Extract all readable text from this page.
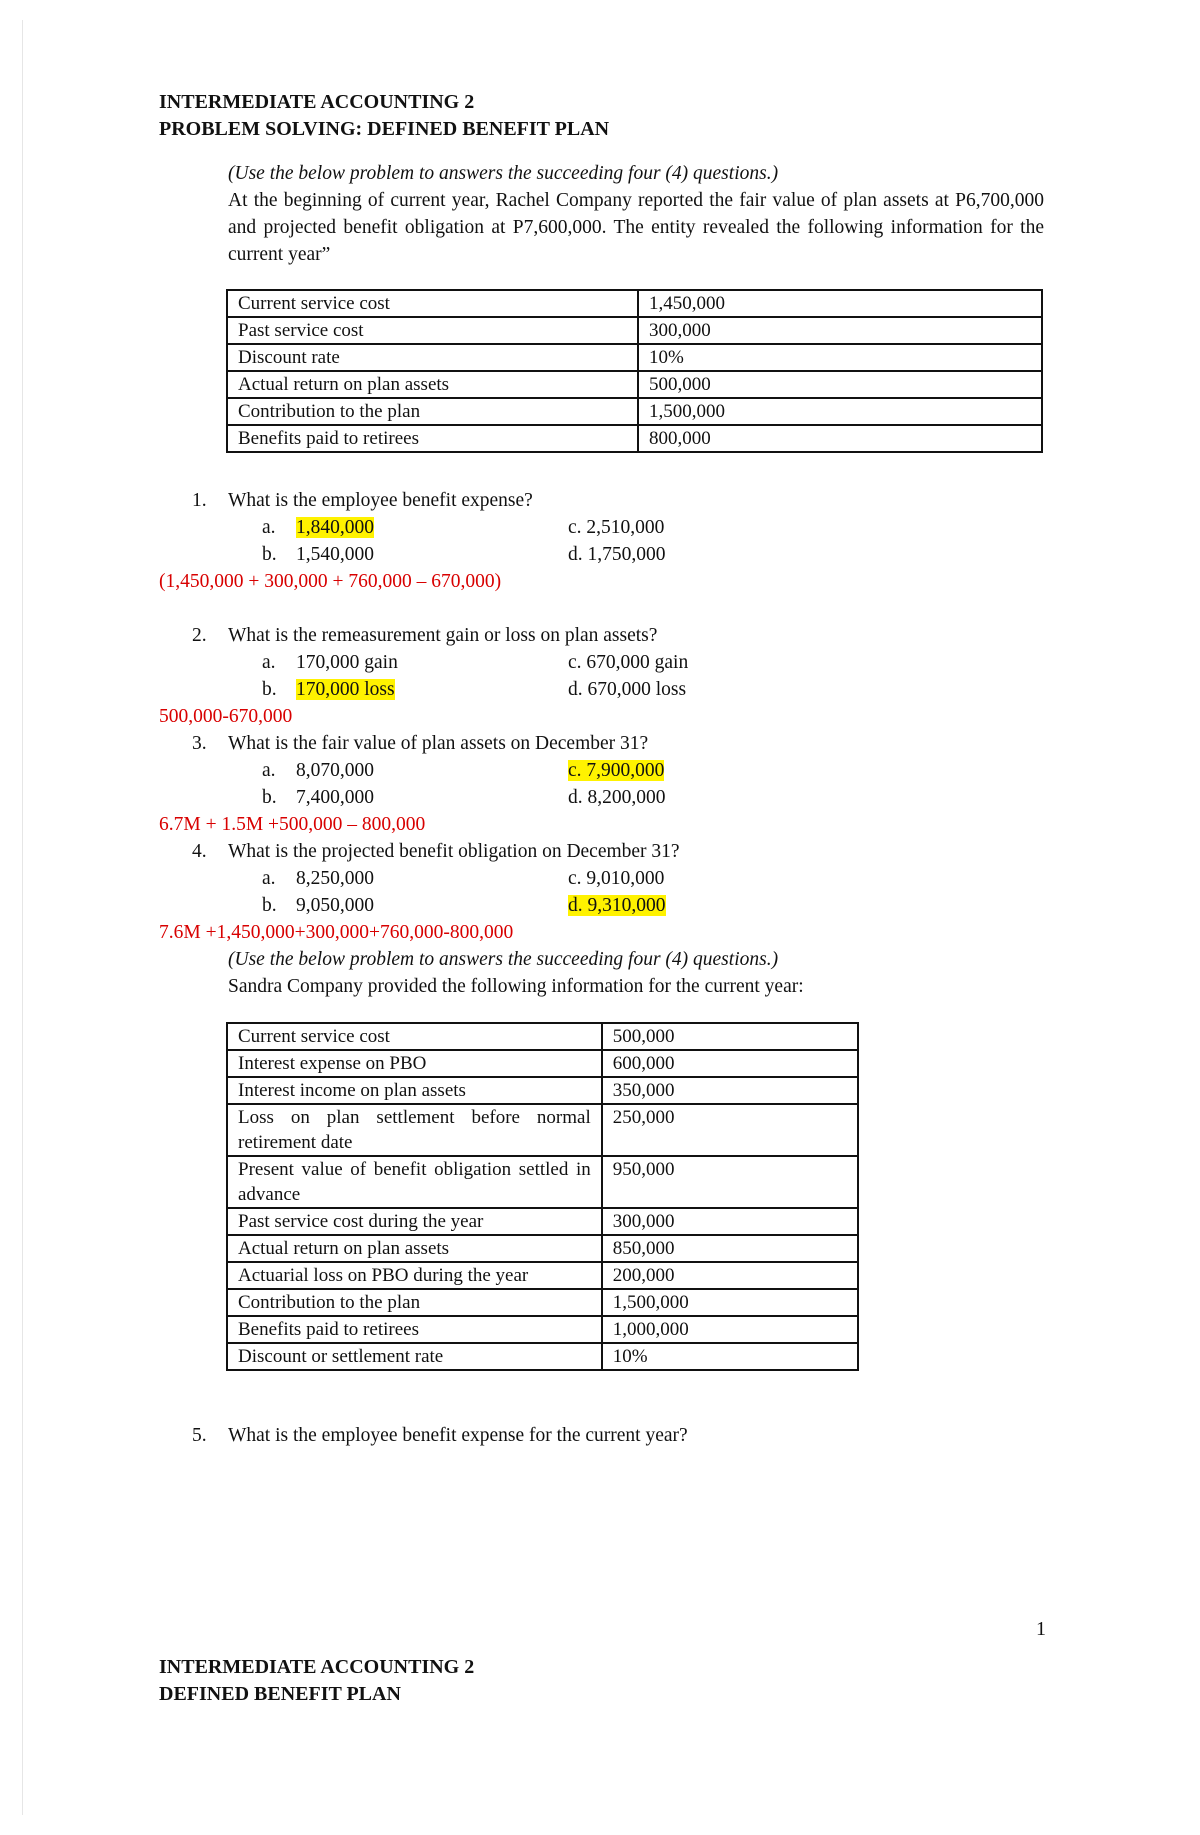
INTERMEDIATE ACCOUNTING 2
PROBLEM SOLVING: DEFINED BENEFIT PLAN
(Use the below problem to answers the succeeding four (4) questions.)
At the beginning of current year, Rachel Company reported the fair value of plan assets at P6,700,000 and projected benefit obligation at P7,600,000. The entity revealed the following information for the current year”
Current service cost	1,450,000
Past service cost	300,000
Discount rate	10%
Actual return on plan assets	500,000
Contribution to the plan	1,500,000
Benefits paid to retirees	800,000
1. What is the employee benefit expense?
a. 1,840,000	c. 2,510,000
b. 1,540,000	d. 1,750,000
(1,450,000 + 300,000 + 760,000 – 670,000)
2. What is the remeasurement gain or loss on plan assets?
a. 170,000 gain	c. 670,000 gain
b. 170,000 loss	d. 670,000 loss
500,000-670,000
3. What is the fair value of plan assets on December 31?
a. 8,070,000	c. 7,900,000
b. 7,400,000	d. 8,200,000
6.7M + 1.5M +500,000 – 800,000
4. What is the projected benefit obligation on December 31?
a. 8,250,000	c. 9,010,000
b. 9,050,000	d. 9,310,000
7.6M +1,450,000+300,000+760,000-800,000
(Use the below problem to answers the succeeding four (4) questions.)
Sandra Company provided the following information for the current year:
Current service cost	500,000
Interest expense on PBO	600,000
Interest income on plan assets	350,000
Loss on plan settlement before normal retirement date	250,000
Present value of benefit obligation settled in advance	950,000
Past service cost during the year	300,000
Actual return on plan assets	850,000
Actuarial loss on PBO during the year	200,000
Contribution to the plan	1,500,000
Benefits paid to retirees	1,000,000
Discount or settlement rate	10%
5. What is the employee benefit expense for the current year?
1
INTERMEDIATE ACCOUNTING 2
DEFINED BENEFIT PLAN
